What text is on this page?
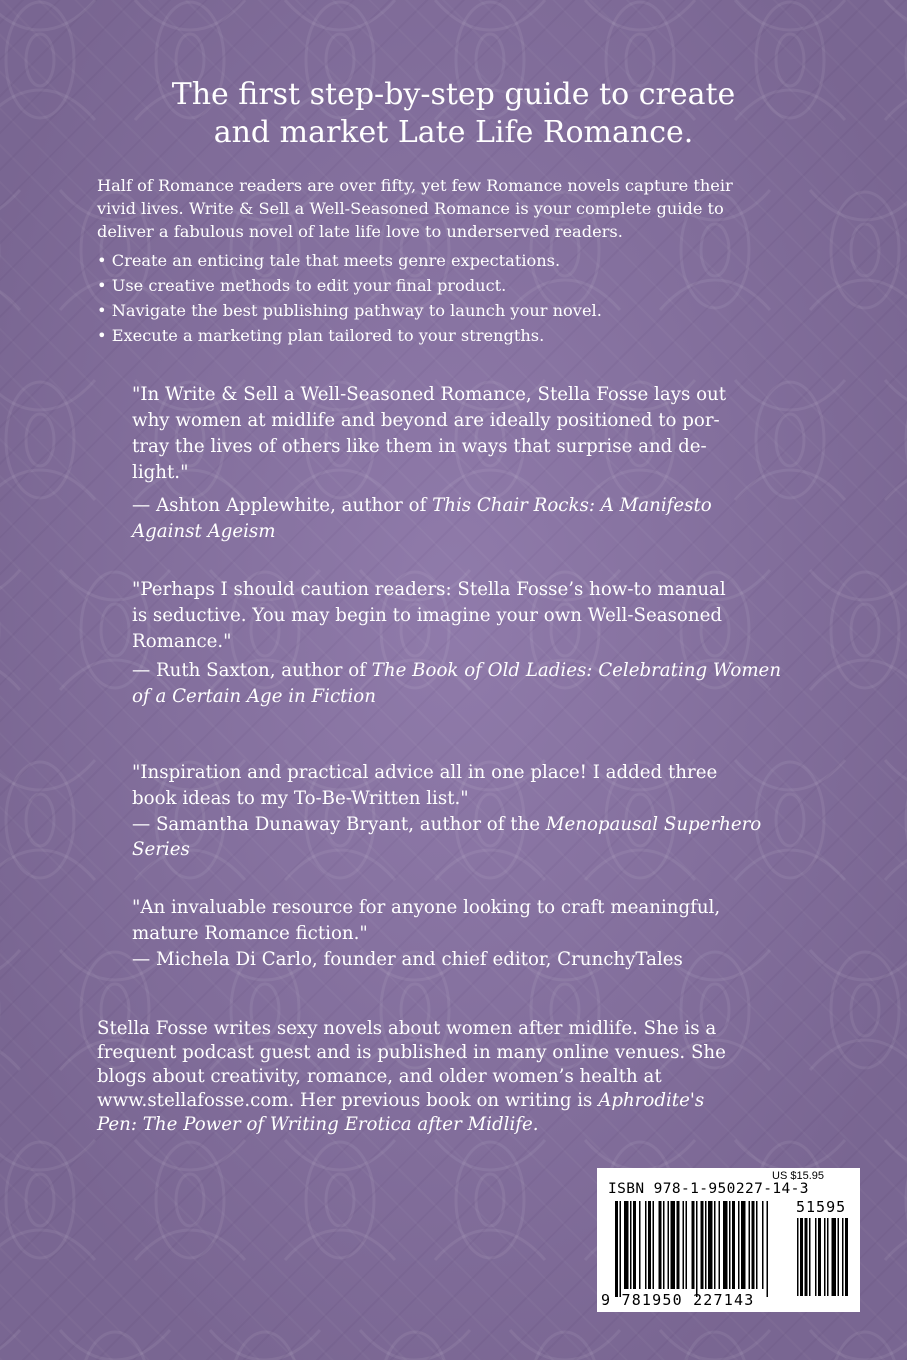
The first step-by-step guide to create
and market Late Life Romance.
Half of Romance readers are over fifty, yet few Romance novels capture their
vivid lives. Write & Sell a Well-Seasoned Romance is your complete guide to
deliver a fabulous novel of late life love to underserved readers.
• Create an enticing tale that meets genre expectations.
• Use creative methods to edit your final product.
• Navigate the best publishing pathway to launch your novel.
• Execute a marketing plan tailored to your strengths.
"In Write & Sell a Well-Seasoned Romance, Stella Fosse lays out
why women at midlife and beyond are ideally positioned to por-
tray the lives of others like them in ways that surprise and de-
light."
— Ashton Applewhite, author of This Chair Rocks: A Manifesto
Against Ageism
"Perhaps I should caution readers: Stella Fosse’s how-to manual
is seductive. You may begin to imagine your own Well-Seasoned
Romance."
— Ruth Saxton, author of The Book of Old Ladies: Celebrating Women
of a Certain Age in Fiction
"Inspiration and practical advice all in one place! I added three
book ideas to my To-Be-Written list."
— Samantha Dunaway Bryant, author of the Menopausal Superhero
Series
"An invaluable resource for anyone looking to craft meaningful,
mature Romance fiction."
— Michela Di Carlo, founder and chief editor, CrunchyTales
Stella Fosse writes sexy novels about women after midlife. She is a
frequent podcast guest and is published in many online venues. She
blogs about creativity, romance, and older women’s health at
www.stellafosse.com. Her previous book on writing is Aphrodite's
Pen: The Power of Writing Erotica after Midlife.
US $15.95
ISBN 978-1-950227-14-3
51595
9 781950 227143
